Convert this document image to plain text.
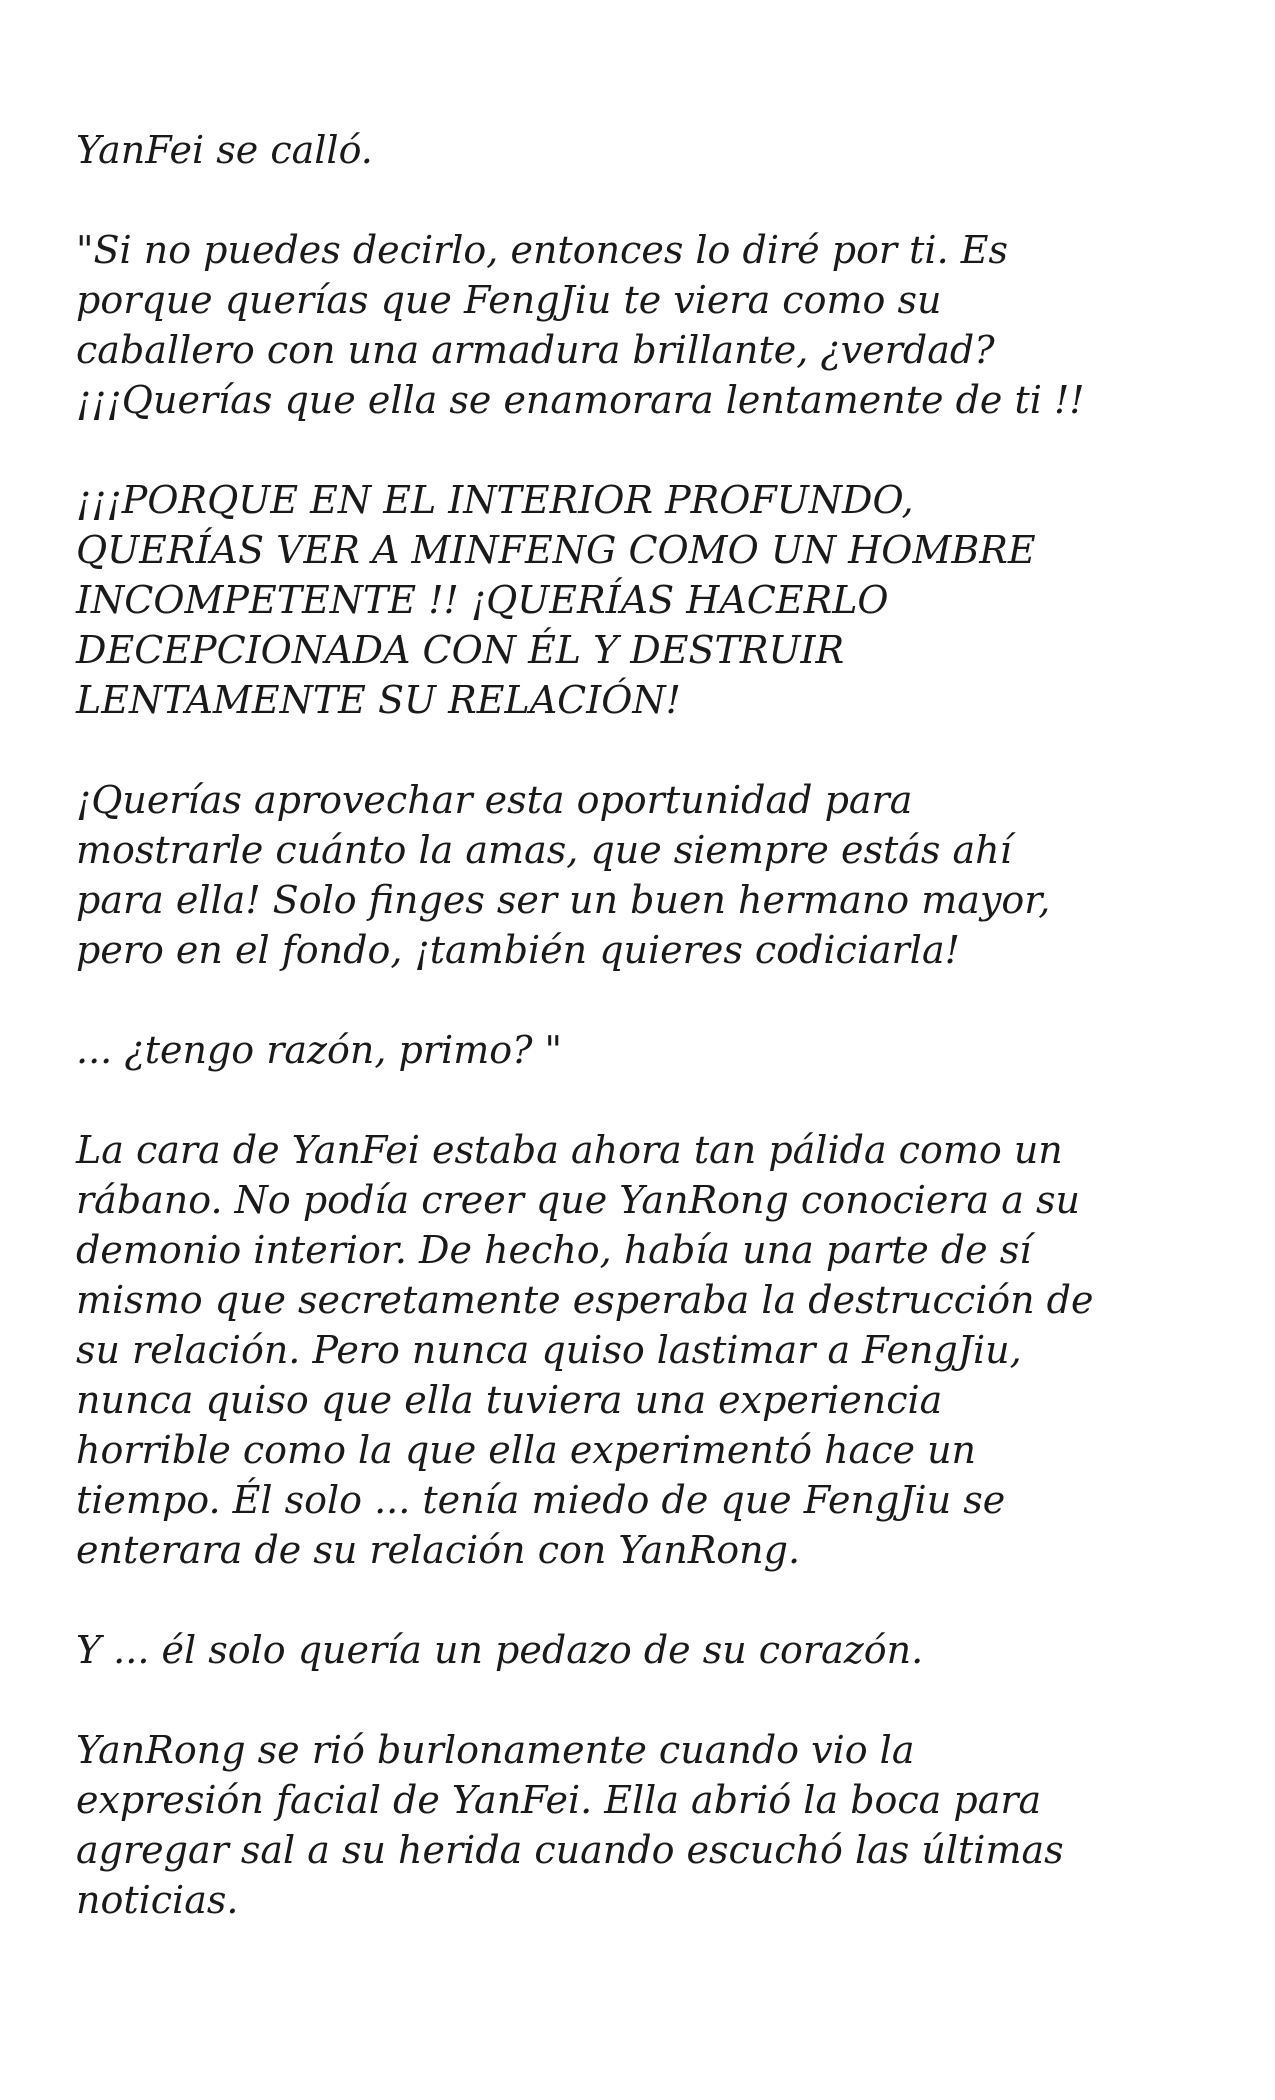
YanFei se calló.

"Si no puedes decirlo, entonces lo diré por ti. Es
porque querías que FengJiu te viera como su
caballero con una armadura brillante, ¿verdad?
¡¡¡Querías que ella se enamorara lentamente de ti !!

¡¡¡PORQUE EN EL INTERIOR PROFUNDO,
QUERÍAS VER A MINFENG COMO UN HOMBRE
INCOMPETENTE !! ¡QUERÍAS HACERLO
DECEPCIONADA CON ÉL Y DESTRUIR
LENTAMENTE SU RELACIÓN!

¡Querías aprovechar esta oportunidad para
mostrarle cuánto la amas, que siempre estás ahí
para ella! Solo finges ser un buen hermano mayor,
pero en el fondo, ¡también quieres codiciarla!

... ¿tengo razón, primo? "

La cara de YanFei estaba ahora tan pálida como un
rábano. No podía creer que YanRong conociera a su
demonio interior. De hecho, había una parte de sí
mismo que secretamente esperaba la destrucción de
su relación. Pero nunca quiso lastimar a FengJiu,
nunca quiso que ella tuviera una experiencia
horrible como la que ella experimentó hace un
tiempo. Él solo ... tenía miedo de que FengJiu se
enterara de su relación con YanRong.

Y ... él solo quería un pedazo de su corazón.

YanRong se rió burlonamente cuando vio la
expresión facial de YanFei. Ella abrió la boca para
agregar sal a su herida cuando escuchó las últimas
noticias.
